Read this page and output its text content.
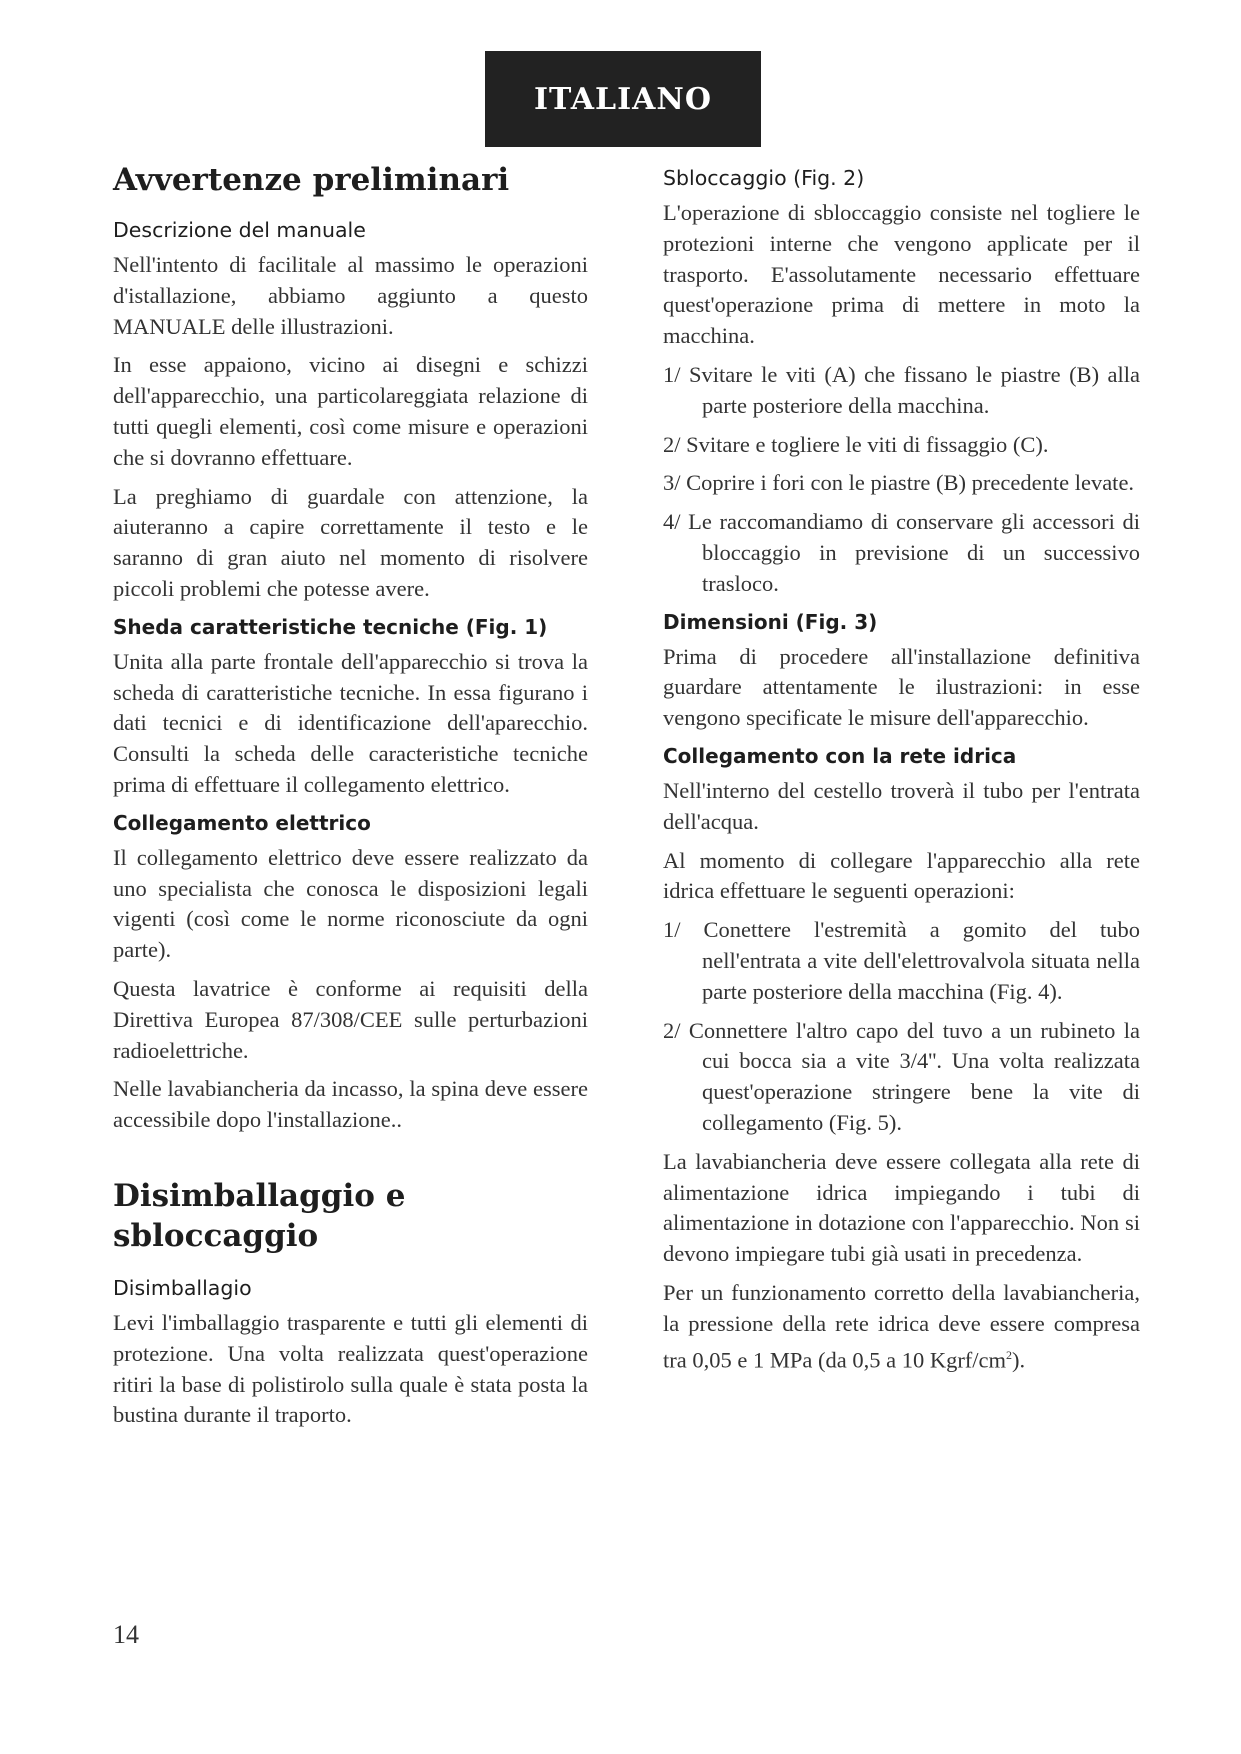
ITALIANO
Avvertenze preliminari
Descrizione del manuale

Nell'intento di facilitale al massimo le operazioni d'istallazione, abbiamo aggiunto a questo MANUALE delle illustrazioni.

In esse appaiono, vicino ai disegni e schizzi dell'apparecchio, una particolareggiata relazione di tutti quegli elementi, così come misure e operazioni che si dovranno effettuare.

La preghiamo di guardale con attenzione, la aiuteranno a capire correttamente il testo e le saranno di gran aiuto nel momento di risolvere piccoli problemi che potesse avere.

Sheda caratteristiche tecniche (Fig. 1)

Unita alla parte frontale dell'apparecchio si trova la scheda di caratteristiche tecniche. In essa figurano i dati tecnici e di identificazione dell'aparecchio. Consulti la scheda delle caracteristiche tecniche prima di effettuare il collegamento elettrico.

Collegamento elettrico

Il collegamento elettrico deve essere realizzato da uno specialista che conosca le disposizioni legali vigenti (così come le norme riconosciute da ogni parte).

Questa lavatrice è conforme ai requisiti della Direttiva Europea 87/308/CEE sulle perturbazioni radioelettriche.

Nelle lavabiancheria da incasso, la spina deve essere accessibile dopo l'installazione..

Disimballaggio e sbloccaggio
Disimballagio

Levi l'imballaggio trasparente e tutti gli elementi di protezione. Una volta realizzata quest'operazione ritiri la base di polistirolo sulla quale è stata posta la bustina durante il traporto.

Sbloccaggio (Fig. 2)

L'operazione di sbloccaggio consiste nel togliere le protezioni interne che vengono applicate per il trasporto. E'assolutamente necessario effettuare quest'operazione prima di mettere in moto la macchina.

1/ Svitare le viti (A) che fissano le piastre (B) alla parte posteriore della macchina.
2/ Svitare e togliere le viti di fissaggio (C).
3/ Coprire i fori con le piastre (B) precedente levate.
4/ Le raccomandiamo di conservare gli accessori di bloccaggio in previsione di un successivo trasloco.
Dimensioni (Fig. 3)

Prima di procedere all'installazione definitiva guardare attentamente le ilustrazioni: in esse vengono specificate le misure dell'apparecchio.

Collegamento con la rete idrica

Nell'interno del cestello troverà il tubo per l'entrata dell'acqua.

Al momento di collegare l'apparecchio alla rete idrica effettuare le seguenti operazioni:

1/ Conettere l'estremità a gomito del tubo nell'entrata a vite dell'elettrovalvola situata nella parte posteriore della macchina (Fig. 4).
2/ Connettere l'altro capo del tuvo a un rubineto la cui bocca sia a vite 3/4''. Una volta realizzata quest'operazione stringere bene la vite di collegamento (Fig. 5).

La lavabiancheria deve essere collegata alla rete di alimentazione idrica impiegando i tubi di alimentazione in dotazione con l'apparecchio. Non si devono impiegare tubi già usati in precedenza.

Per un funzionamento corretto della lavabiancheria, la pressione della rete idrica deve essere compresa tra 0,05 e 1 MPa (da 0,5 a 10 Kgrf/$cm^2$).

14
